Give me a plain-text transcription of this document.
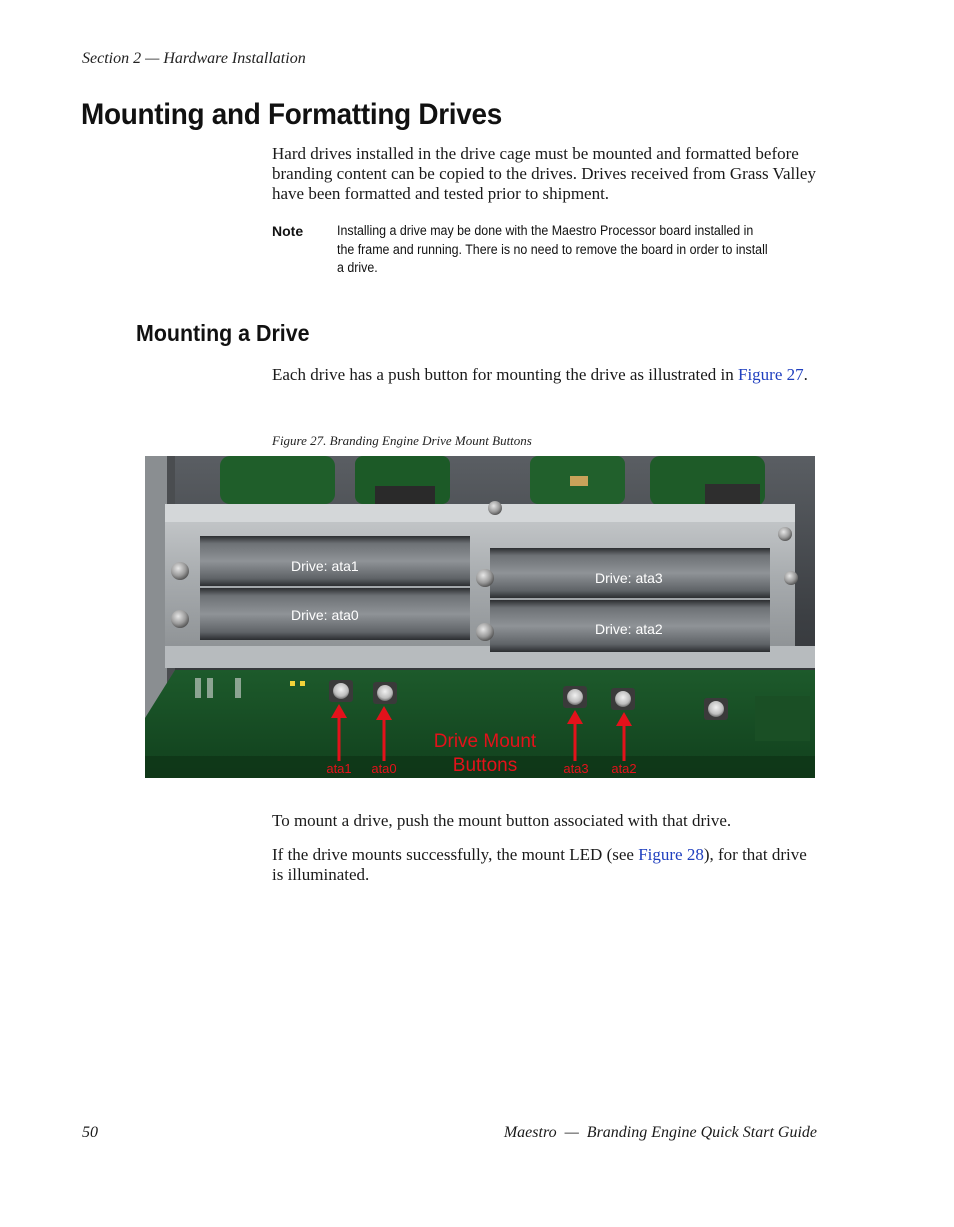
Section 2 — Hardware Installation
Mounting and Formatting Drives

Hard drives installed in the drive cage must be mounted and formatted before branding content can be copied to the drives. Drives received from Grass Valley have been formatted and tested prior to shipment.

Note	Installing a drive may be done with the Maestro Processor board installed in the frame and running. There is no need to remove the board in order to install a drive.

Mounting a Drive

Each drive has a push button for mounting the drive as illustrated in Figure 27.

Figure 27. Branding Engine Drive Mount Buttons
Drive: ata1
Drive: ata0
Drive: ata3
Drive: ata2
Drive Mount
Buttons
ata1 ata0	ata3 ata2

To mount a drive, push the mount button associated with that drive.

If the drive mounts successfully, the mount LED (see Figure 28), for that drive is illuminated.

50	Maestro  —  Branding Engine Quick Start Guide
